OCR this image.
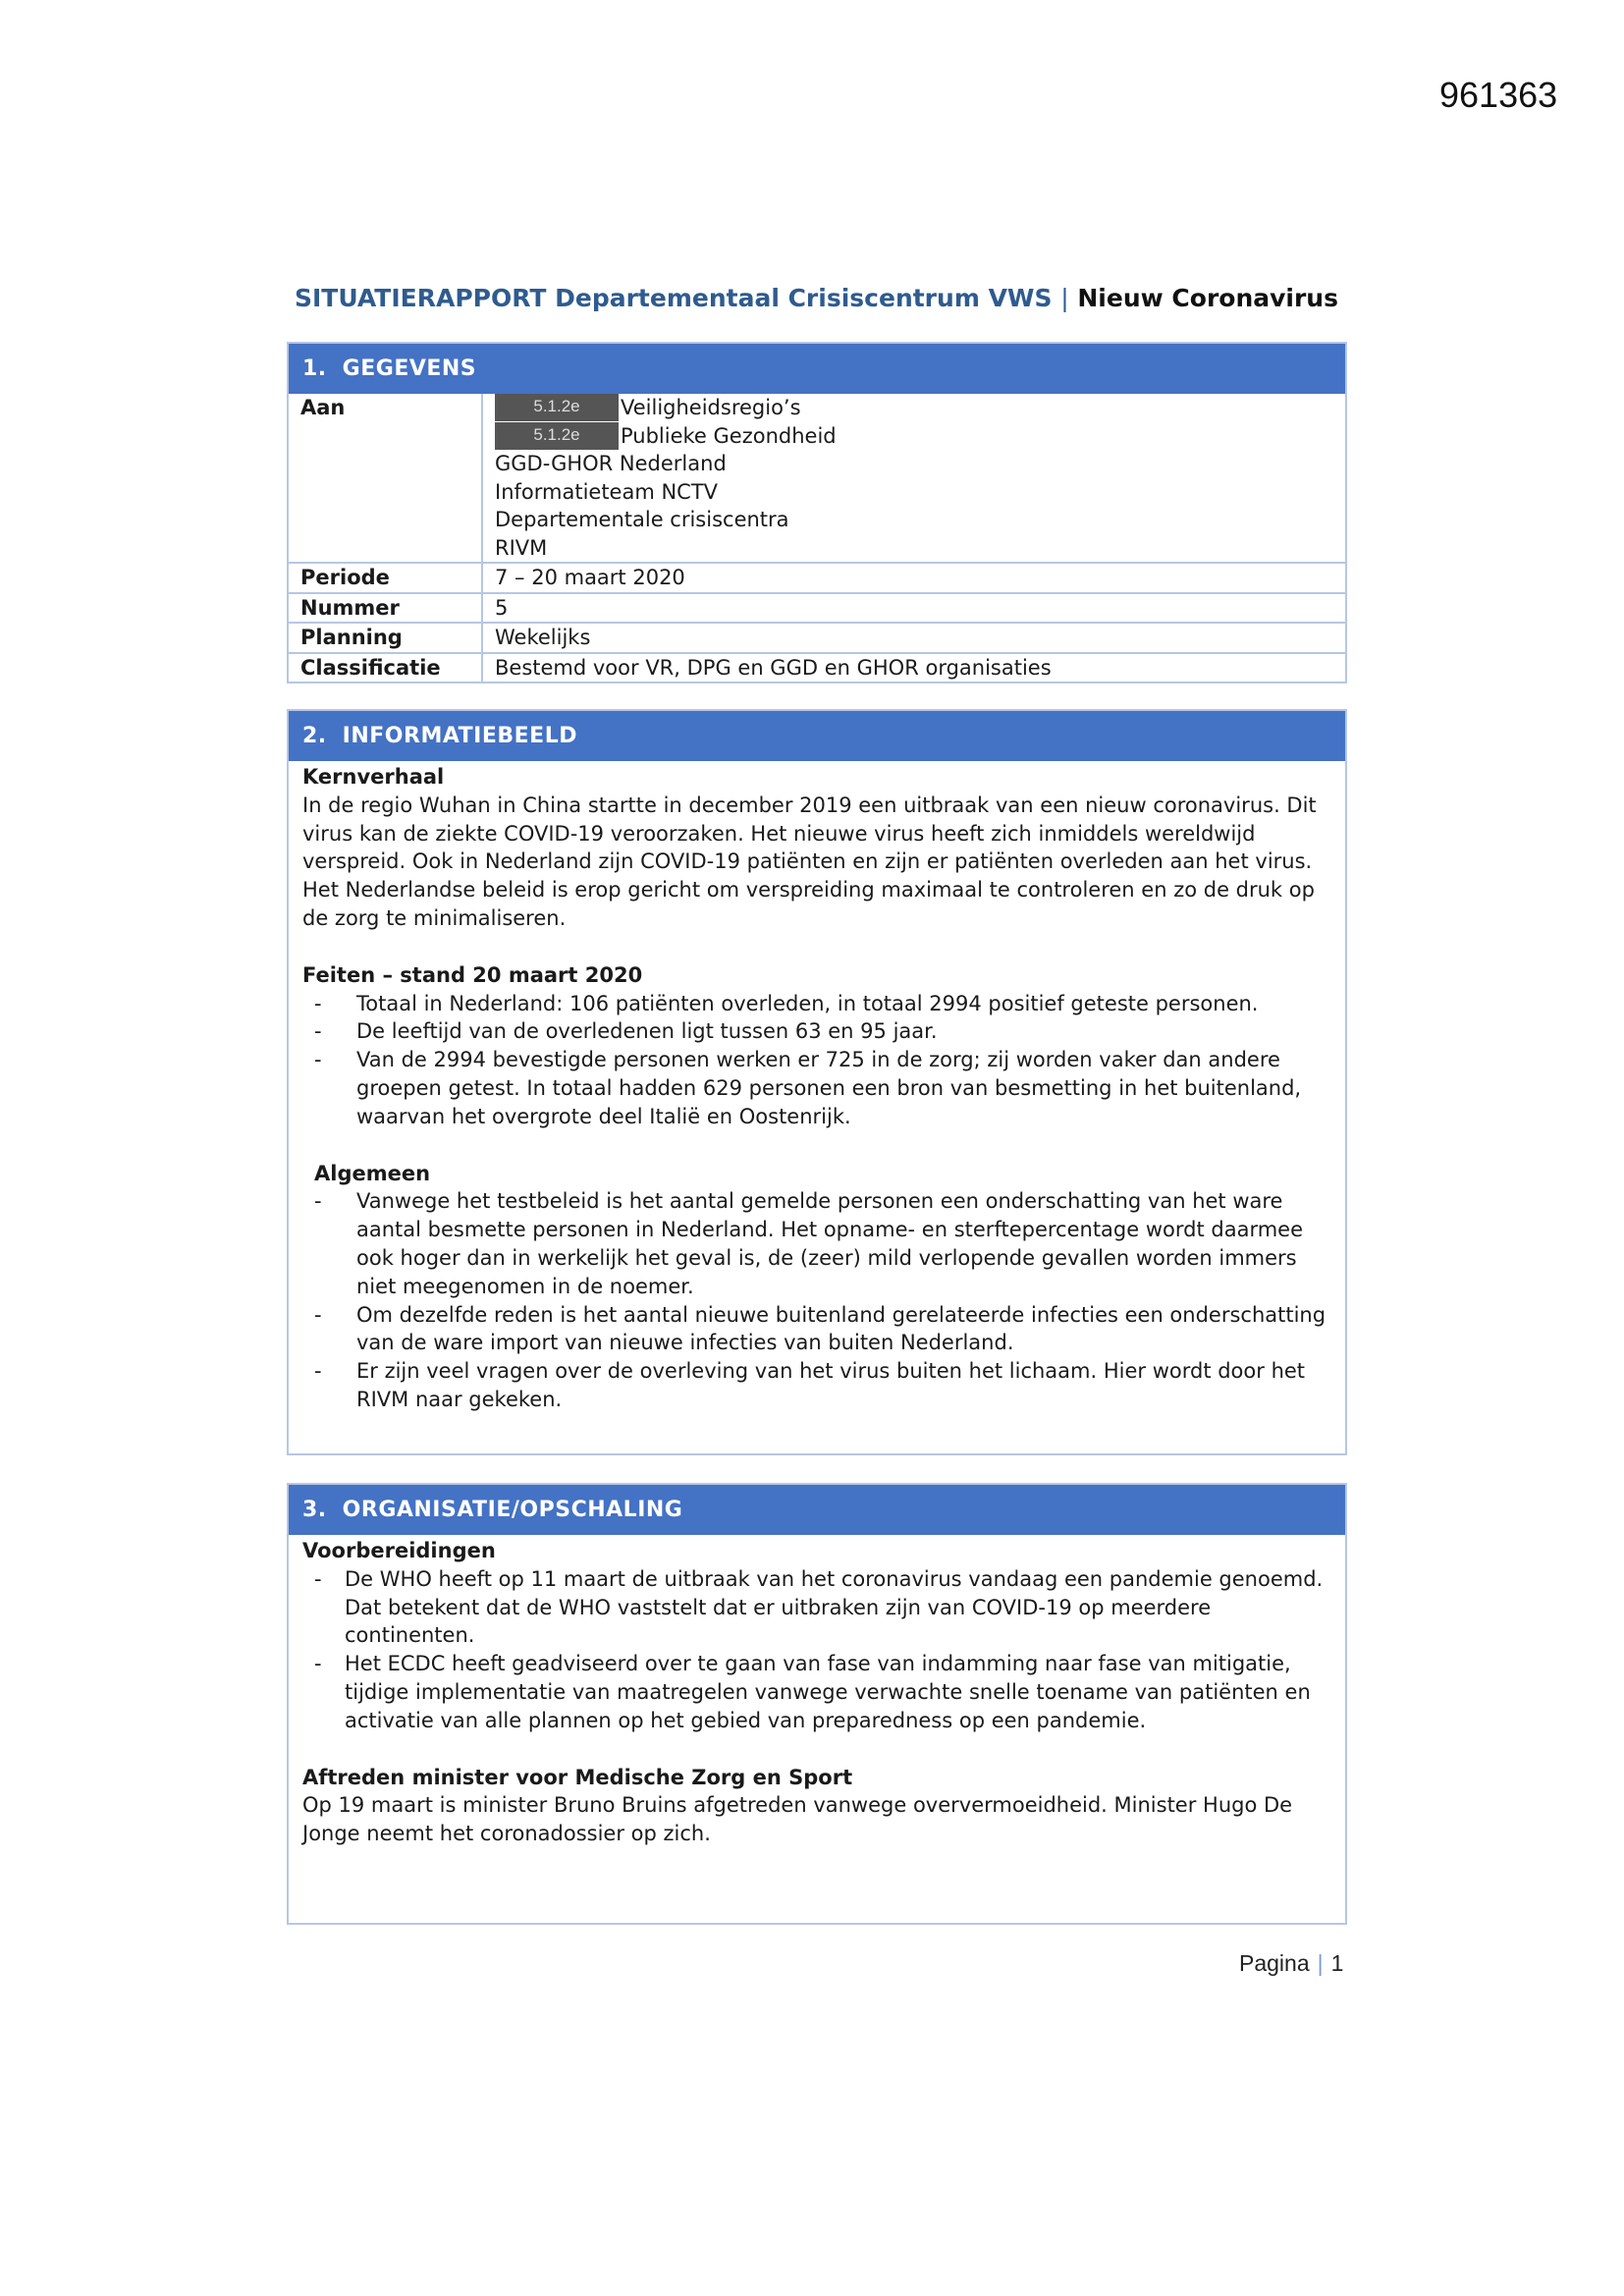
961363
SITUATIERAPPORT Departementaal Crisiscentrum VWS | Nieuw Coronavirus
1. GEGEVENS
Aan	5.1.2e Veiligheidsregio’s
5.1.2e Publieke Gezondheid
GGD-GHOR Nederland
Informatieteam NCTV
Departementale crisiscentra
RIVM
Periode	7 – 20 maart 2020
Nummer	5
Planning	Wekelijks
Classificatie	Bestemd voor VR, DPG en GGD en GHOR organisaties
2. INFORMATIEBEELD
Kernverhaal

In de regio Wuhan in China startte in december 2019 een uitbraak van een nieuw coronavirus. Dit virus kan de ziekte COVID-19 veroorzaken. Het nieuwe virus heeft zich inmiddels wereldwijd verspreid. Ook in Nederland zijn COVID-19 patiënten en zijn er patiënten overleden aan het virus. Het Nederlandse beleid is erop gericht om verspreiding maximaal te controleren en zo de druk op de zorg te minimaliseren.

Feiten – stand 20 maart 2020
- Totaal in Nederland: 106 patiënten overleden, in totaal 2994 positief geteste personen.
- De leeftijd van de overledenen ligt tussen 63 en 95 jaar.
- Van de 2994 bevestigde personen werken er 725 in de zorg; zij worden vaker dan andere groepen getest. In totaal hadden 629 personen een bron van besmetting in het buitenland, waarvan het overgrote deel Italië en Oostenrijk.
Algemeen
- Vanwege het testbeleid is het aantal gemelde personen een onderschatting van het ware aantal besmette personen in Nederland. Het opname- en sterftepercentage wordt daarmee ook hoger dan in werkelijk het geval is, de (zeer) mild verlopende gevallen worden immers niet meegenomen in de noemer.
- Om dezelfde reden is het aantal nieuwe buitenland gerelateerde infecties een onderschatting van de ware import van nieuwe infecties van buiten Nederland.
- Er zijn veel vragen over de overleving van het virus buiten het lichaam. Hier wordt door het RIVM naar gekeken.
3. ORGANISATIE/OPSCHALING
Voorbereidingen
- De WHO heeft op 11 maart de uitbraak van het coronavirus vandaag een pandemie genoemd. Dat betekent dat de WHO vaststelt dat er uitbraken zijn van COVID-19 op meerdere continenten.
- Het ECDC heeft geadviseerd over te gaan van fase van indamming naar fase van mitigatie, tijdige implementatie van maatregelen vanwege verwachte snelle toename van patiënten en activatie van alle plannen op het gebied van preparedness op een pandemie.
Aftreden minister voor Medische Zorg en Sport

Op 19 maart is minister Bruno Bruins afgetreden vanwege oververmoeidheid. Minister Hugo De Jonge neemt het coronadossier op zich.

Pagina | 1
